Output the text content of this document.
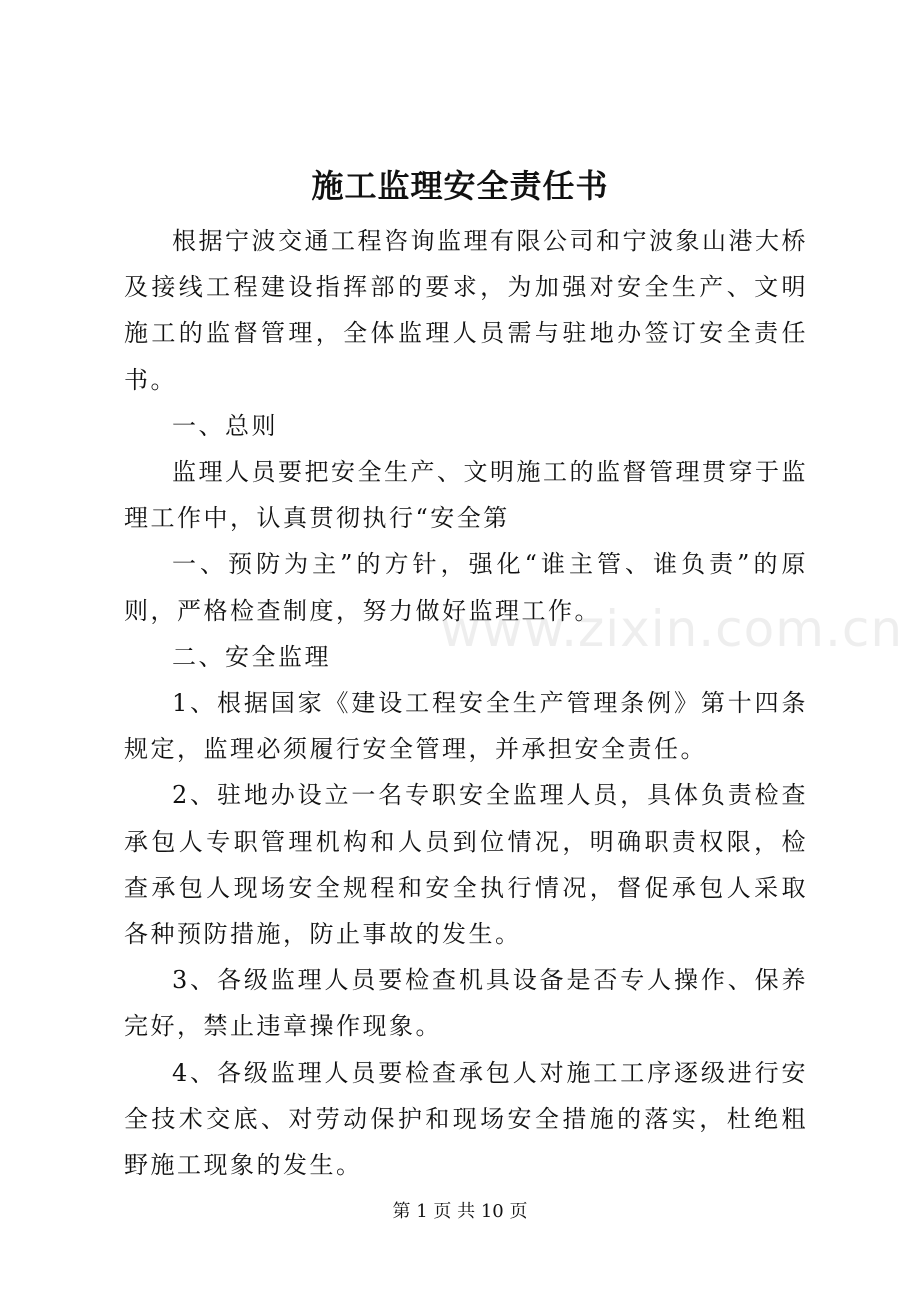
施工监理安全责任书

根据宁波交通工程咨询监理有限公司和宁波象山港大桥及接线工程建设指挥部的要求，为加强对安全生产、文明施工的监督管理，全体监理人员需与驻地办签订安全责任书。

一、总则

监理人员要把安全生产、文明施工的监督管理贯穿于监理工作中，认真贯彻执行“安全第

一、预防为主”的方针，强化“谁主管、谁负责”的原则，严格检查制度，努力做好监理工作。

二、安全监理

1、根据国家《建设工程安全生产管理条例》第十四条规定，监理必须履行安全管理，并承担安全责任。

2、驻地办设立一名专职安全监理人员，具体负责检查承包人专职管理机构和人员到位情况，明确职责权限，检查承包人现场安全规程和安全执行情况，督促承包人采取各种预防措施，防止事故的发生。

3、各级监理人员要检查机具设备是否专人操作、保养完好，禁止违章操作现象。

4、各级监理人员要检查承包人对施工工序逐级进行安全技术交底、对劳动保护和现场安全措施的落实，杜绝粗野施工现象的发生。

www.zixin.com.cn
第 1 页 共 10 页
